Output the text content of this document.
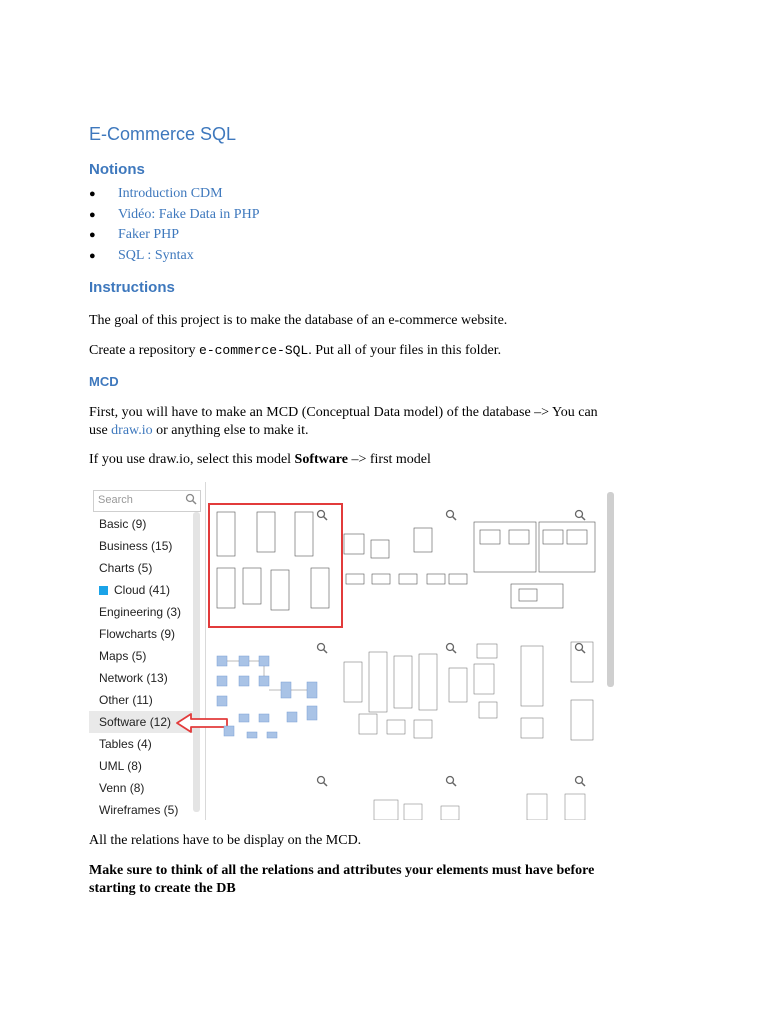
E-Commerce SQL
Notions
● Introduction CDM
● Vidéo: Fake Data in PHP
● Faker PHP
● SQL : Syntax
Instructions
The goal of this project is to make the database of an e-commerce website.
Create a repository e-commerce-SQL. Put all of your files in this folder.
MCD
First, you will have to make an MCD (Conceptual Data model) of the database –> You can
use draw.io or anything else to make it.
If you use draw.io, select this model Software –> first model
Search
Basic (9)
Business (15)
Charts (5)
Cloud (41)
Engineering (3)
Flowcharts (9)
Maps (5)
Network (13)
Other (11)
Software (12)
Tables (4)
UML (8)
Venn (8)
Wireframes (5)
All the relations have to be display on the MCD.
Make sure to think of all the relations and attributes your elements must have before
starting to create the DB
